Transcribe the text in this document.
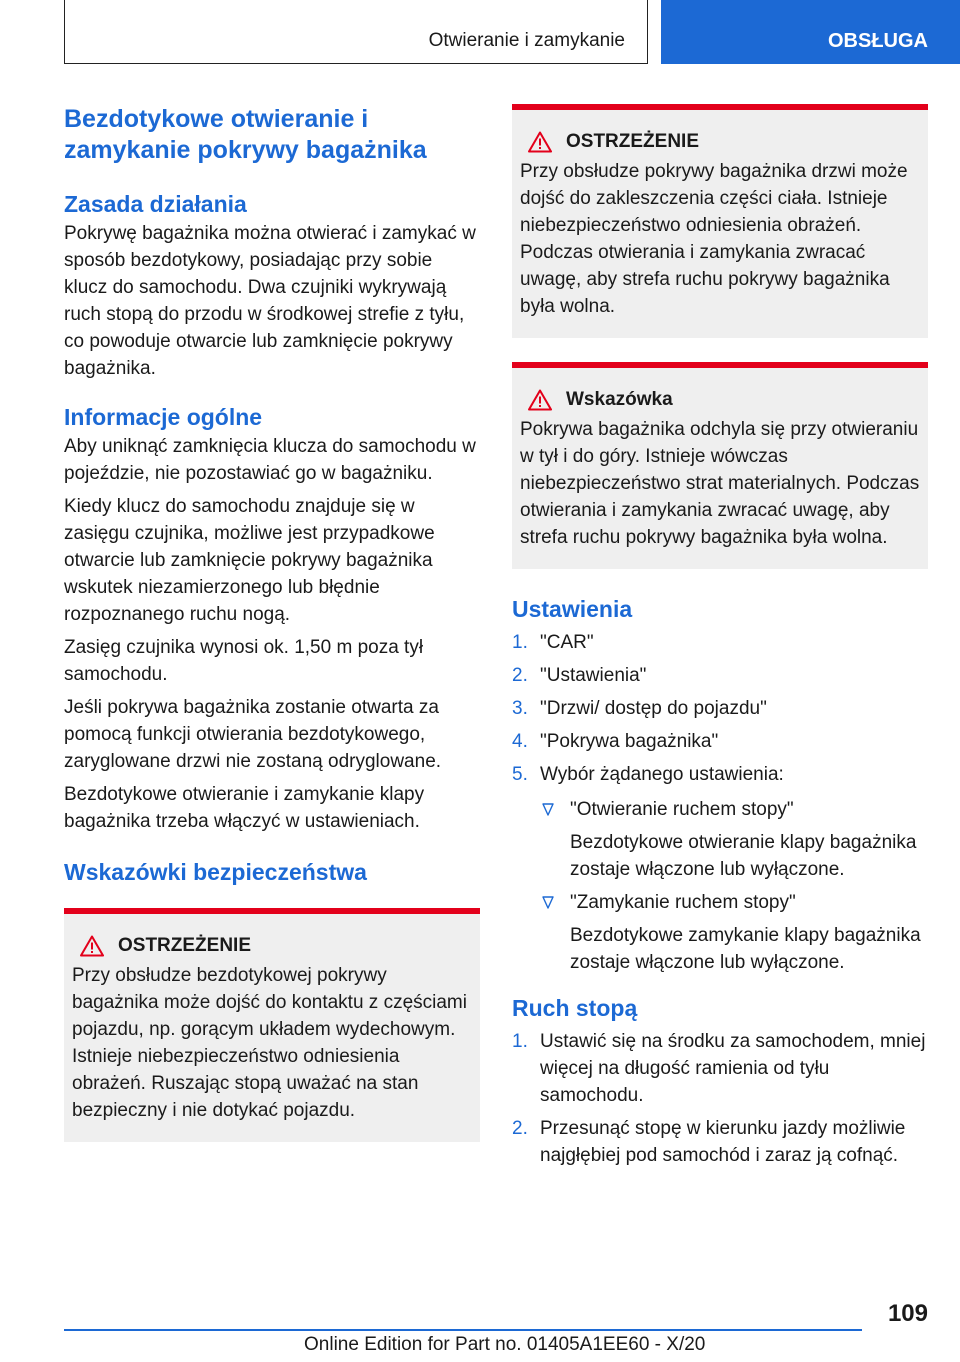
Otwieranie i zamykanie	OBSŁUGA
Bezdotykowe otwieranie i
zamykanie pokrywy bagażnika
Zasada działania

Pokrywę bagażnika można otwierać i zamykać w sposób bezdotykowy, posiadając przy sobie klucz do samochodu. Dwa czujniki wykrywają ruch stopą do przodu w środkowej strefie z tyłu, co powoduje otwarcie lub zamknięcie pokrywy bagażnika.

Informacje ogólne

Aby uniknąć zamknięcia klucza do samochodu w pojeździe, nie pozostawiać go w bagażniku.

Kiedy klucz do samochodu znajduje się w zasięgu czujnika, możliwe jest przypadkowe otwarcie lub zamknięcie pokrywy bagażnika wskutek niezamierzonego lub błędnie rozpoznanego ruchu nogą.

Zasięg czujnika wynosi ok. 1,50 m poza tył samochodu.

Jeśli pokrywa bagażnika zostanie otwarta za pomocą funkcji otwierania bezdotykowego, zaryglowane drzwi nie zostaną odryglowane.

Bezdotykowe otwieranie i zamykanie klapy bagażnika trzeba włączyć w ustawieniach.

Wskazówki bezpieczeństwa
OSTRZEŻENIE
Przy obsłudze bezdotykowej pokrywy bagażnika może dojść do kontaktu z częściami pojazdu, np. gorącym układem wydechowym. Istnieje niebezpieczeństwo odniesienia obrażeń. Ruszając stopą uważać na stan bezpieczny i nie dotykać pojazdu.
OSTRZEŻENIE
Przy obsłudze pokrywy bagażnika drzwi może dojść do zakleszczenia części ciała. Istnieje niebezpieczeństwo odniesienia obrażeń. Podczas otwierania i zamykania zwracać uwagę, aby strefa ruchu pokrywy bagażnika była wolna.
Wskazówka
Pokrywa bagażnika odchyla się przy otwieraniu w tył i do góry. Istnieje wówczas niebezpieczeństwo strat materialnych. Podczas otwierania i zamykania zwracać uwagę, aby strefa ruchu pokrywy bagażnika była wolna.
Ustawienia
1. "CAR"
2. "Ustawienia"
3. "Drzwi/ dostęp do pojazdu"
4. "Pokrywa bagażnika"
5. Wybór żądanego ustawienia:
"Otwieranie ruchem stopy"
Bezdotykowe otwieranie klapy bagażnika zostaje włączone lub wyłączone.
"Zamykanie ruchem stopy"
Bezdotykowe zamykanie klapy bagażnika zostaje włączone lub wyłączone.
Ruch stopą
1. Ustawić się na środku za samochodem, mniej więcej na długość ramienia od tyłu samochodu.
2. Przesunąć stopę w kierunku jazdy możliwie najgłębiej pod samochód i zaraz ją cofnąć.
109
Online Edition for Part no. 01405A1EE60 - X/20
